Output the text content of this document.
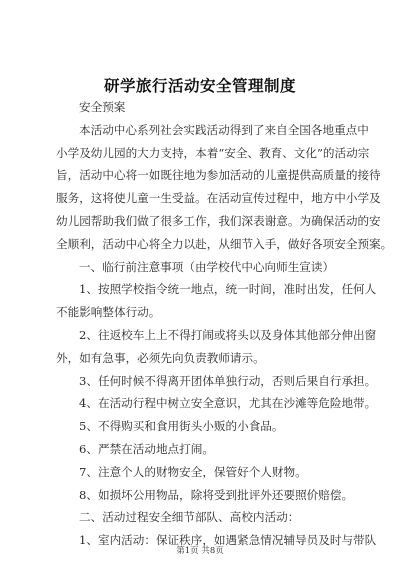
研学旅行活动安全管理制度
安全预案
本活动中心系列社会实践活动得到了来自全国各地重点中
小学及幼儿园的大力支持，本着“安全、教育、文化”的活动宗
旨，活动中心将一如既往地为参加活动的儿童提供高质量的接待
服务，这将使儿童一生受益。在活动宣传过程中，地方中小学及
幼儿园帮助我们做了很多工作，我们深表谢意。为确保活动的安
全顺利，活动中心将全力以赴，从细节入手，做好各项安全预案。
一、临行前注意事项（由学校代中心向师生宣读）
1、按照学校指令统一地点，统一时间，准时出发，任何人
不能影响整体行动。
2、往返校车上上不得打闹或将头以及身体其他部分伸出窗
外，如有急事，必须先向负责教师请示。
3、任何时候不得离开团体单独行动，否则后果自行承担。
4、在活动行程中树立安全意识，尤其在沙滩等危险地带。
5、不得购买和食用街头小贩的小食品。
6、严禁在活动地点打闹。
7、注意个人的财物安全，保管好个人财物。
8、如损坏公用物品，除将受到批评外还要照价赔偿。
二、活动过程安全细节部队、高校内活动：
1、室内活动：保证秩序，如遇紧急情况辅导员及时与带队
第1页 共8页
